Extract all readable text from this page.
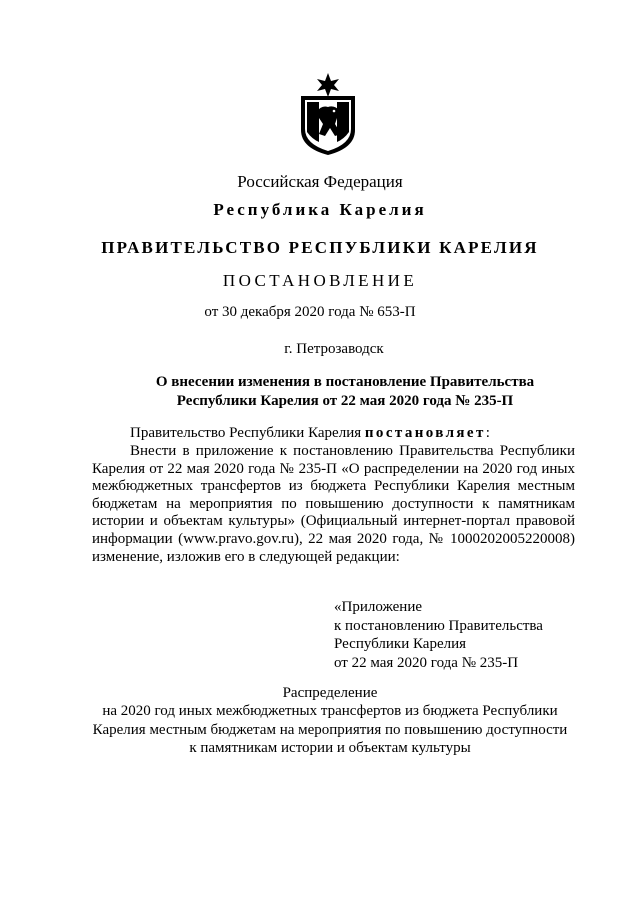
Российская Федерация
Республика Карелия
ПРАВИТЕЛЬСТВО РЕСПУБЛИКИ КАРЕЛИЯ
ПОСТАНОВЛЕНИЕ
от 30 декабря 2020 года № 653-П
г. Петрозаводск
О внесении изменения в постановление Правительства
Республики Карелия от 22 мая 2020 года № 235-П
Правительство Республики Карелия постановляет:
Внести в приложение к постановлению Правительства Республики Карелия от 22 мая 2020 года № 235-П «О распределении на 2020 год иных межбюджетных трансфертов из бюджета Республики Карелия местным бюджетам на мероприятия по повышению доступности к памятникам истории и объектам культуры» (Официальный интернет-портал правовой информации (www.pravo.gov.ru), 22 мая 2020 года, № 1000202005220008) изменение, изложив его в следующей редакции:
«Приложение
к постановлению Правительства
Республики Карелия
от 22 мая 2020 года № 235-П
Распределение
на 2020 год иных межбюджетных трансфертов из бюджета Республики
Карелия местным бюджетам на мероприятия по повышению доступности
к памятникам истории и объектам культуры
